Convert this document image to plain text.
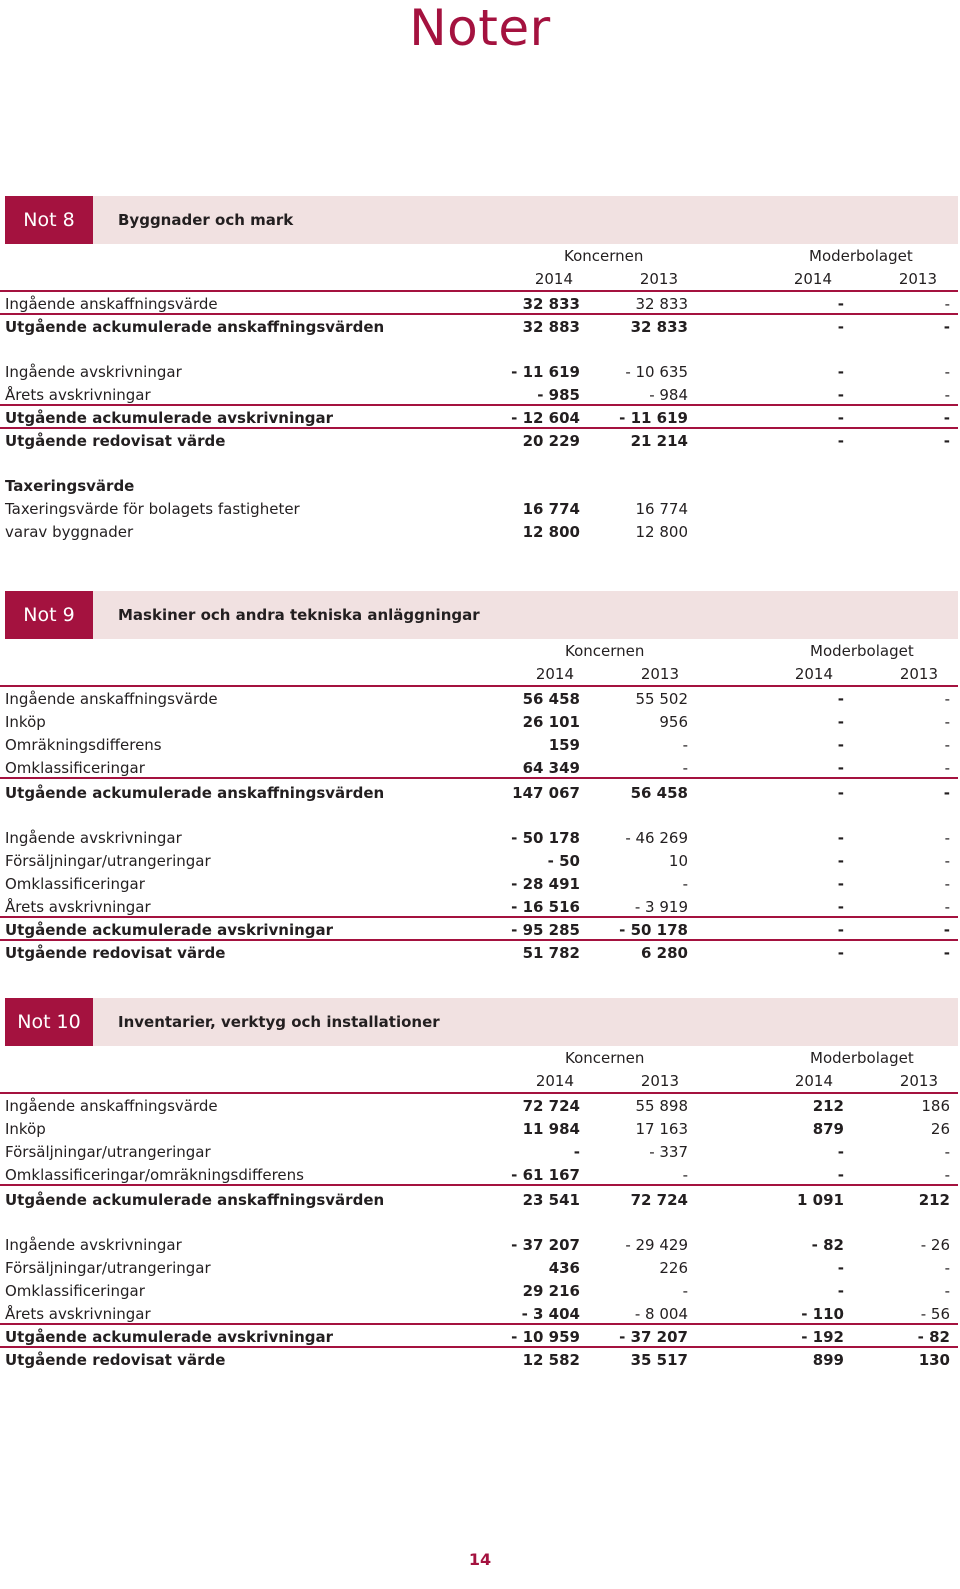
Noter
Not 8	Byggnader och mark
Koncernen	Moderbolaget
2014	2013	2014	2013
Ingående anskaffningsvärde	32 833	32 833	-	-
Utgående ackumulerade anskaffningsvärden	32 883	32 833	-	-
Ingående avskrivningar	- 11 619	- 10 635	-	-
Årets avskrivningar	- 985	- 984	-	-
Utgående ackumulerade avskrivningar	- 12 604	- 11 619	-	-
Utgående redovisat värde	20 229	21 214	-	-
Taxeringsvärde
Taxeringsvärde för bolagets fastigheter	16 774	16 774
varav byggnader	12 800	12 800
Not 9	Maskiner och andra tekniska anläggningar
Koncernen	Moderbolaget
2014	2013	2014	2013
Ingående anskaffningsvärde	56 458	55 502	-	-
Inköp	26 101	956	-	-
Omräkningsdifferens	159	-	-	-
Omklassificeringar	64 349	-	-	-
Utgående ackumulerade anskaffningsvärden	147 067	56 458	-	-
Ingående avskrivningar	- 50 178	- 46 269	-	-
Försäljningar/utrangeringar	- 50	10	-	-
Omklassificeringar	- 28 491	-	-	-
Årets avskrivningar	- 16 516	- 3 919	-	-
Utgående ackumulerade avskrivningar	- 95 285	- 50 178	-	-
Utgående redovisat värde	51 782	6 280	-	-
Not 10	Inventarier, verktyg och installationer
Koncernen	Moderbolaget
2014	2013	2014	2013
Ingående anskaffningsvärde	72 724	55 898	212	186
Inköp	11 984	17 163	879	26
Försäljningar/utrangeringar	-	- 337	-	-
Omklassificeringar/omräkningsdifferens	- 61 167	-	-	-
Utgående ackumulerade anskaffningsvärden	23 541	72 724	1 091	212
Ingående avskrivningar	- 37 207	- 29 429	- 82	- 26
Försäljningar/utrangeringar	436	226	-	-
Omklassificeringar	29 216	-	-	-
Årets avskrivningar	- 3 404	- 8 004	- 110	- 56
Utgående ackumulerade avskrivningar	- 10 959	- 37 207	- 192	- 82
Utgående redovisat värde	12 582	35 517	899	130
14
